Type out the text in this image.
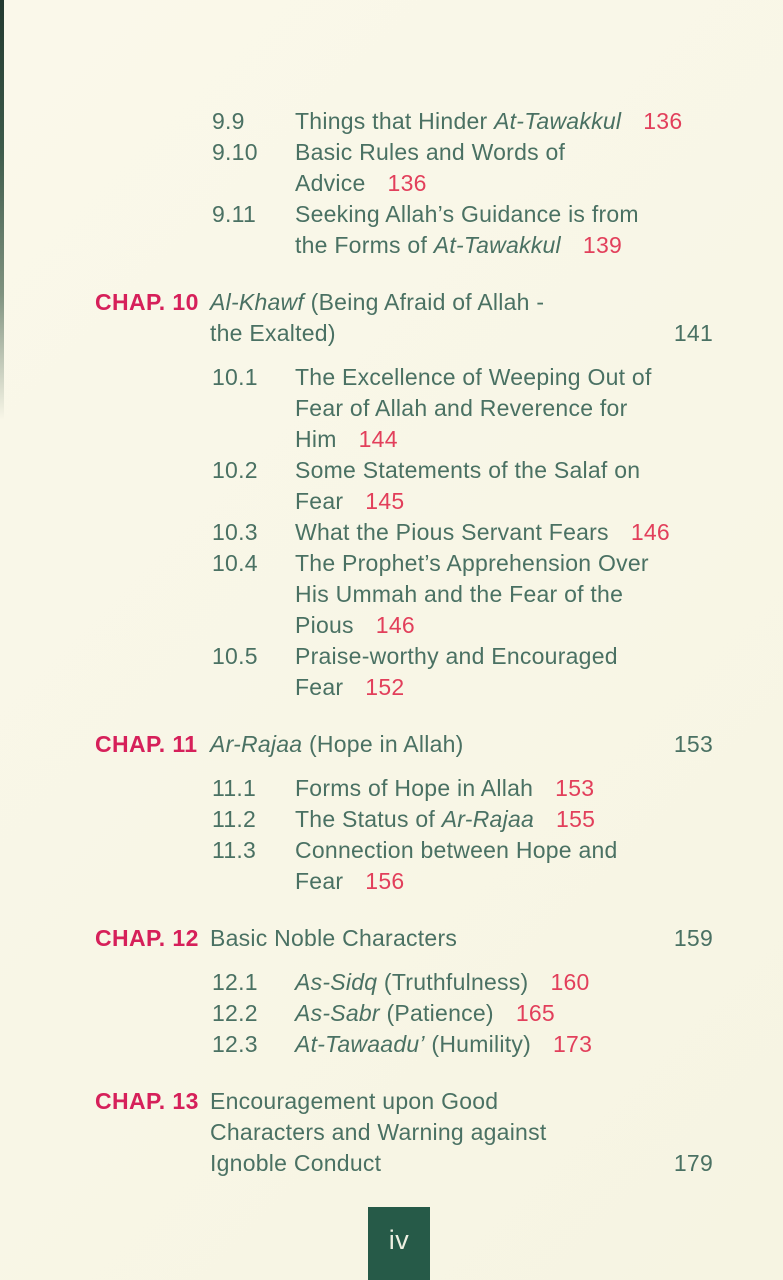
9.9	Things that Hinder At-Tawakkul 136
9.10	Basic Rules and Words of
Advice 136
9.11	Seeking Allah’s Guidance is from
the Forms of At-Tawakkul 139
CHAP. 10 Al-Khawf (Being Afraid of Allah -
the Exalted)	141
10.1	The Excellence of Weeping Out of
Fear of Allah and Reverence for
Him 144
10.2	Some Statements of the Salaf on
Fear 145
10.3	What the Pious Servant Fears 146
10.4	The Prophet’s Apprehension Over
His Ummah and the Fear of the
Pious 146
10.5	Praise-worthy and Encouraged
Fear 152
CHAP. 11 Ar-Rajaa (Hope in Allah)	153
11.1	Forms of Hope in Allah 153
11.2	The Status of Ar-Rajaa 155
11.3	Connection between Hope and
Fear 156
CHAP. 12 Basic Noble Characters	159
12.1	As-Sidq (Truthfulness) 160
12.2	As-Sabr (Patience) 165
12.3	At-Tawaadu’ (Humility) 173
CHAP. 13 Encouragement upon Good
Characters and Warning against
Ignoble Conduct	179
iv
